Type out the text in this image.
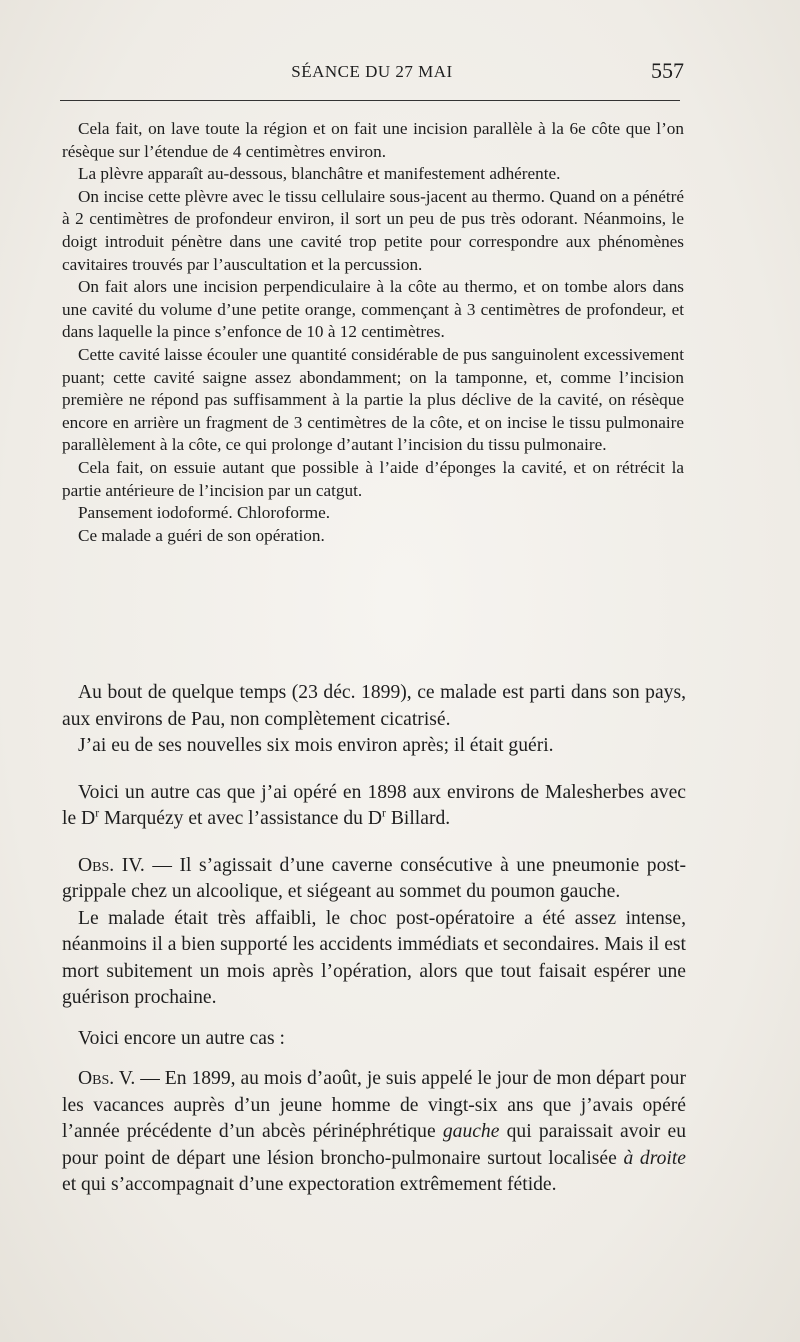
SÉANCE DU 27 MAI	557

Cela fait, on lave toute la région et on fait une incision parallèle à la 6e côte que l’on résèque sur l’étendue de 4 centimètres environ.

La plèvre apparaît au-dessous, blanchâtre et manifestement adhérente.

On incise cette plèvre avec le tissu cellulaire sous-jacent au thermo. Quand on a pénétré à 2 centimètres de profondeur environ, il sort un peu de pus très odorant. Néanmoins, le doigt introduit pénètre dans une cavité trop petite pour correspondre aux phénomènes cavitaires trouvés par l’auscultation et la percussion.

On fait alors une incision perpendiculaire à la côte au thermo, et on tombe alors dans une cavité du volume d’une petite orange, commençant à 3 centimètres de profondeur, et dans laquelle la pince s’enfonce de 10 à 12 centimètres.

Cette cavité laisse écouler une quantité considérable de pus sanguinolent excessivement puant; cette cavité saigne assez abondamment; on la tamponne, et, comme l’incision première ne répond pas suffisamment à la partie la plus déclive de la cavité, on résèque encore en arrière un fragment de 3 centimètres de la côte, et on incise le tissu pulmonaire parallèlement à la côte, ce qui prolonge d’autant l’incision du tissu pulmonaire.

Cela fait, on essuie autant que possible à l’aide d’éponges la cavité, et on rétrécit la partie antérieure de l’incision par un catgut.

Pansement iodoformé. Chloroforme.

Ce malade a guéri de son opération.

Au bout de quelque temps (23 déc. 1899), ce malade est parti dans son pays, aux environs de Pau, non complètement cicatrisé.

J’ai eu de ses nouvelles six mois environ après; il était guéri.

Voici un autre cas que j’ai opéré en 1898 aux environs de Malesherbes avec le $D^r$ Marquézy et avec l’assistance du $D^r$ Billard.

Obs. IV. — Il s’agissait d’une caverne consécutive à une pneumonie post-grippale chez un alcoolique, et siégeant au sommet du poumon gauche.

Le malade était très affaibli, le choc post-opératoire a été assez intense, néanmoins il a bien supporté les accidents immédiats et secondaires. Mais il est mort subitement un mois après l’opération, alors que tout faisait espérer une guérison prochaine.

Voici encore un autre cas :

Obs. V. — En 1899, au mois d’août, je suis appelé le jour de mon départ pour les vacances auprès d’un jeune homme de vingt-six ans que j’avais opéré l’année précédente d’un abcès périnéphrétique gauche qui paraissait avoir eu pour point de départ une lésion broncho-pulmonaire surtout localisée à droite et qui s’accompagnait d’une expectoration extrêmement fétide.
